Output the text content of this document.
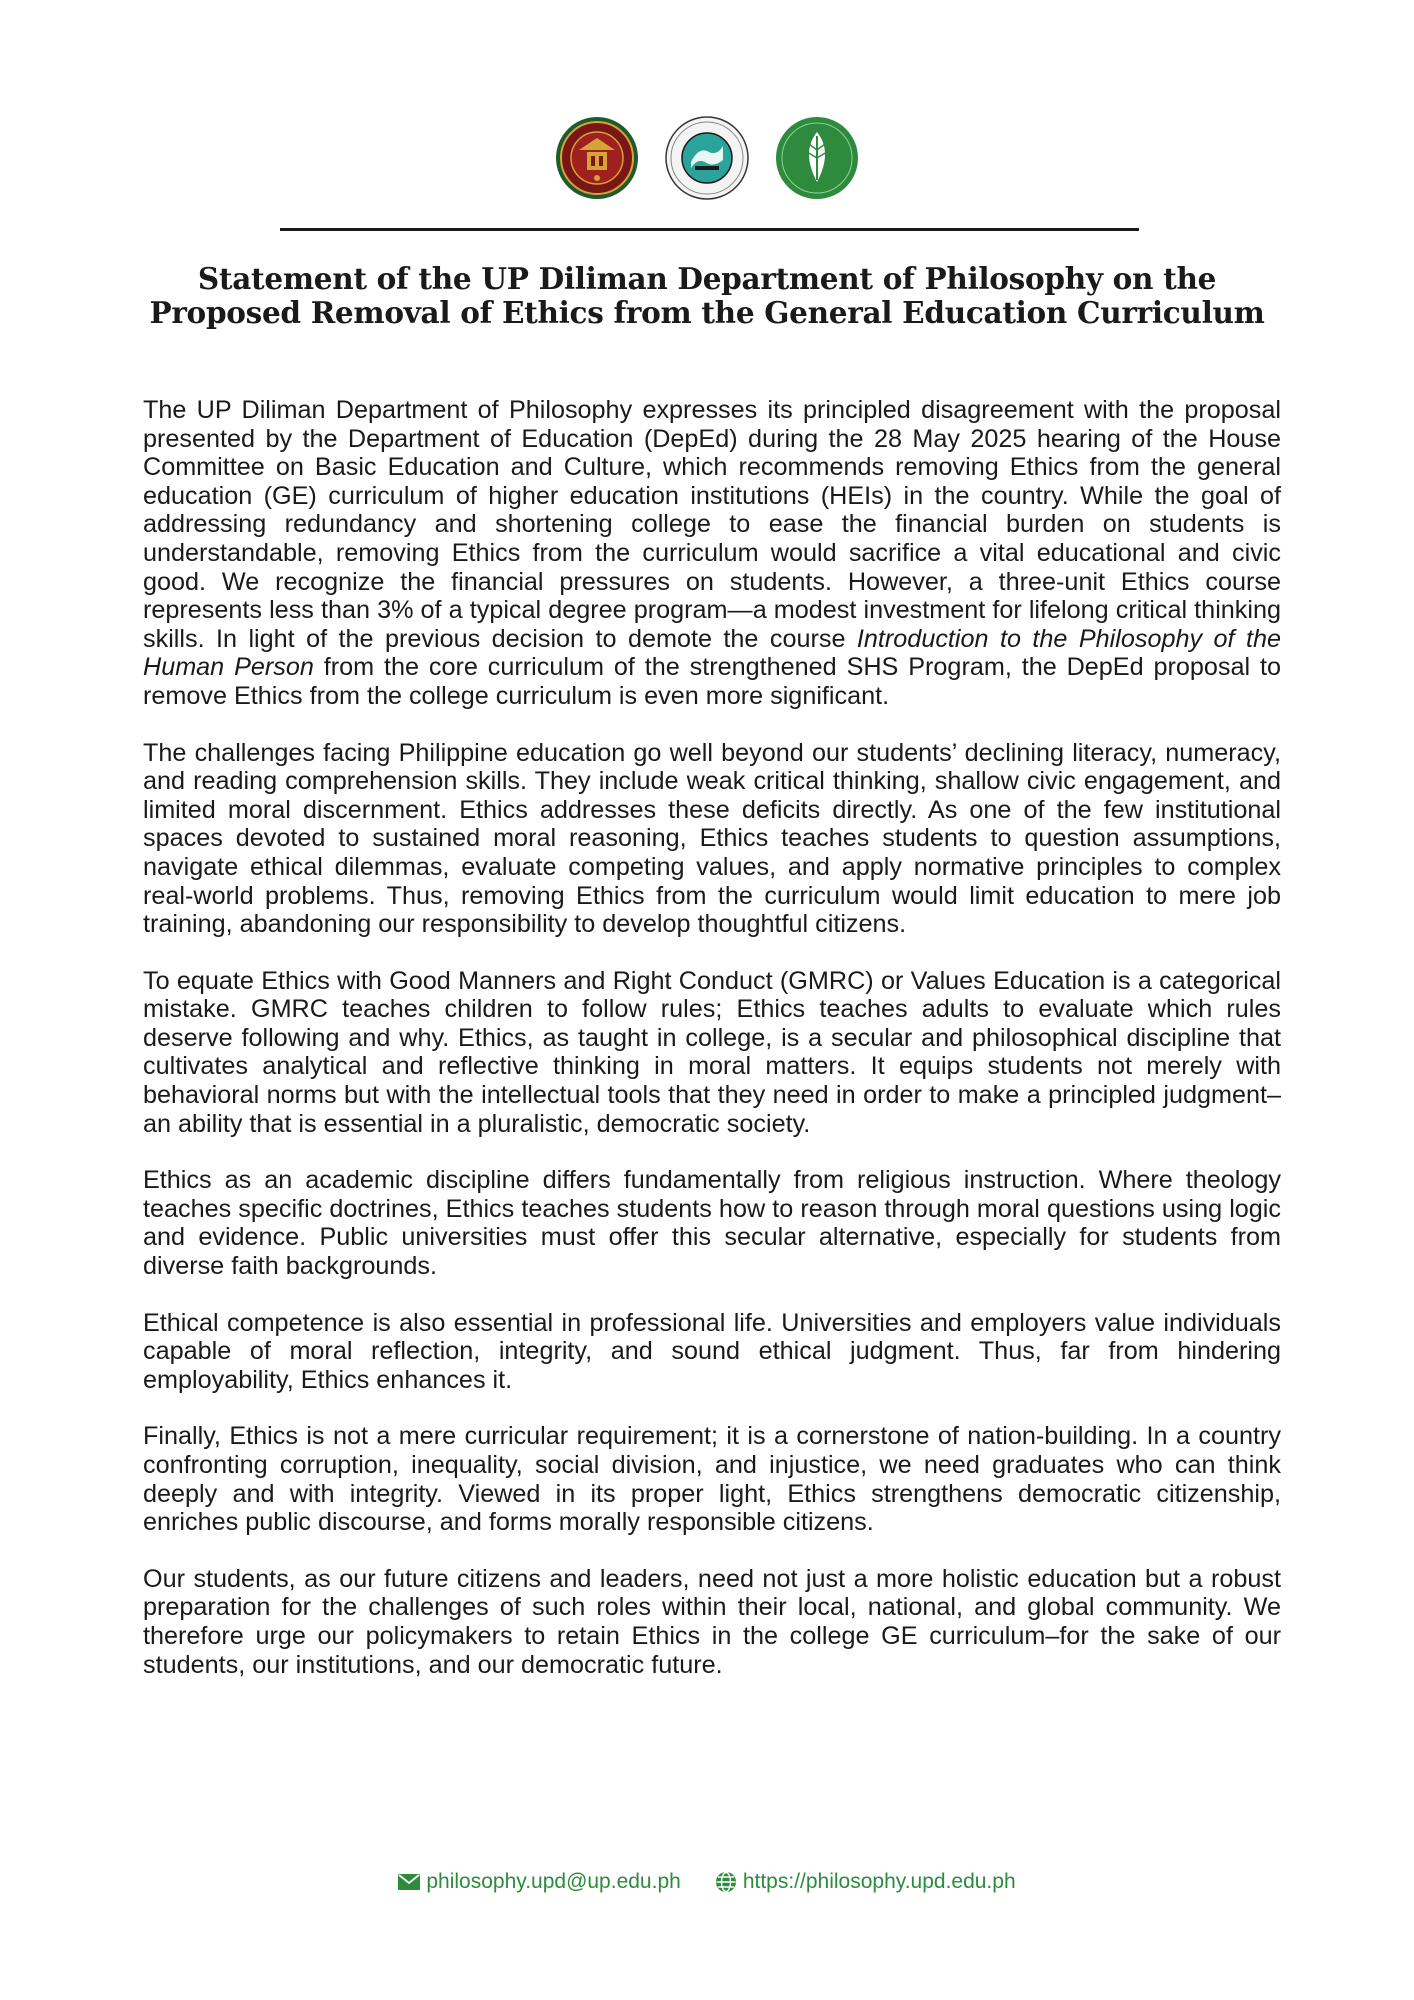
Statement of the UP Diliman Department of Philosophy on the
Proposed Removal of Ethics from the General Education Curriculum

The UP Diliman Department of Philosophy expresses its principled disagreement with the proposal presented by the Department of Education (DepEd) during the 28 May 2025 hearing of the House Committee on Basic Education and Culture, which recommends removing Ethics from the general education (GE) curriculum of higher education institutions (HEIs) in the country. While the goal of addressing redundancy and shortening college to ease the financial burden on students is understandable, removing Ethics from the curriculum would sacrifice a vital educational and civic good. We recognize the financial pressures on students. However, a three-unit Ethics course represents less than 3% of a typical degree program—a modest investment for lifelong critical thinking skills. In light of the previous decision to demote the course Introduction to the Philosophy of the Human Person from the core curriculum of the strengthened SHS Program, the DepEd proposal to remove Ethics from the college curriculum is even more significant.

The challenges facing Philippine education go well beyond our students’ declining literacy, numeracy, and reading comprehension skills. They include weak critical thinking, shallow civic engagement, and limited moral discernment. Ethics addresses these deficits directly. As one of the few institutional spaces devoted to sustained moral reasoning, Ethics teaches students to question assumptions, navigate ethical dilemmas, evaluate competing values, and apply normative principles to complex real-world problems. Thus, removing Ethics from the curriculum would limit education to mere job training, abandoning our responsibility to develop thoughtful citizens.

To equate Ethics with Good Manners and Right Conduct (GMRC) or Values Education is a categorical mistake. GMRC teaches children to follow rules; Ethics teaches adults to evaluate which rules deserve following and why. Ethics, as taught in college, is a secular and philosophical discipline that cultivates analytical and reflective thinking in moral matters. It equips students not merely with behavioral norms but with the intellectual tools that they need in order to make a principled judgment–an ability that is essential in a pluralistic, democratic society.

Ethics as an academic discipline differs fundamentally from religious instruction. Where theology teaches specific doctrines, Ethics teaches students how to reason through moral questions using logic and evidence. Public universities must offer this secular alternative, especially for students from diverse faith backgrounds.

Ethical competence is also essential in professional life. Universities and employers value individuals capable of moral reflection, integrity, and sound ethical judgment. Thus, far from hindering employability, Ethics enhances it.

Finally, Ethics is not a mere curricular requirement; it is a cornerstone of nation-building. In a country confronting corruption, inequality, social division, and injustice, we need graduates who can think deeply and with integrity. Viewed in its proper light, Ethics strengthens democratic citizenship, enriches public discourse, and forms morally responsible citizens.

Our students, as our future citizens and leaders, need not just a more holistic education but a robust preparation for the challenges of such roles within their local, national, and global community. We therefore urge our policymakers to retain Ethics in the college GE curriculum–for the sake of our students, our institutions, and our democratic future.

philosophy.upd@up.edu.ph	https://philosophy.upd.edu.ph
